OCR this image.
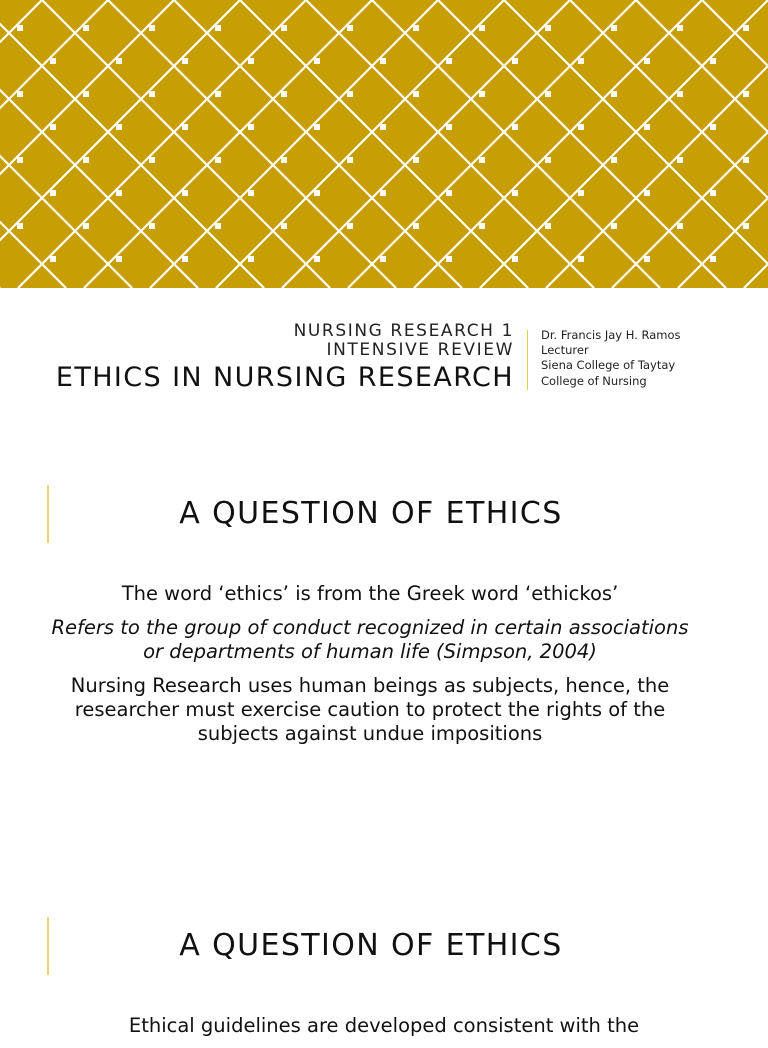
NURSING RESEARCH 1
INTENSIVE REVIEW
ETHICS IN NURSING RESEARCH
Dr. Francis Jay H. Ramos
Lecturer
Siena College of Taytay
College of Nursing
A QUESTION OF ETHICS

The word ‘ethics’ is from the Greek word ‘ethickos’

Refers to the group of conduct recognized in certain associations or departments of human life (Simpson, 2004)

Nursing Research uses human beings as subjects, hence, the researcher must exercise caution to protect the rights of the subjects against undue impositions

A QUESTION OF ETHICS

Ethical guidelines are developed consistent with the
